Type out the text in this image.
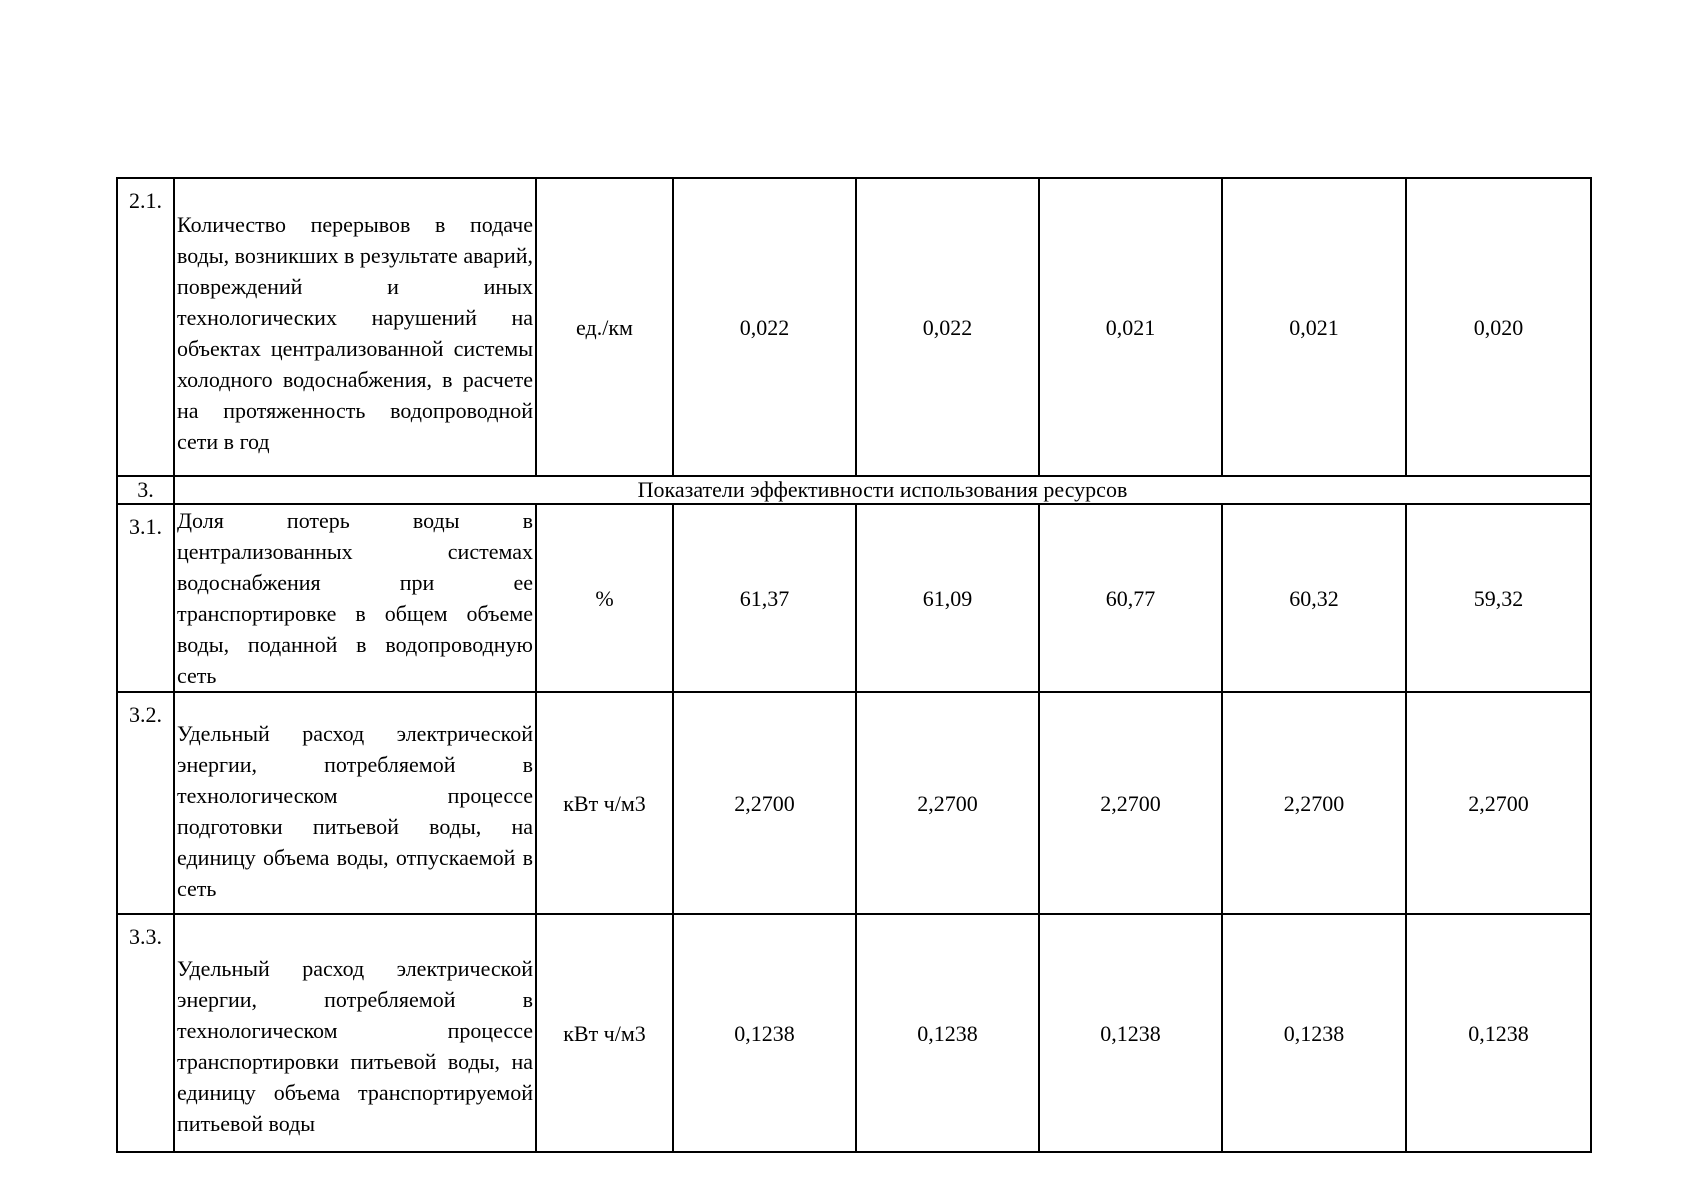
2.1.	Количество перерывов в подаче воды, возникших в результате аварий, повреждений и иных технологических нарушений на объектах централизованной системы холодного водоснабжения, в расчете на протяженность водопроводной сети в год	ед./км	0,022	0,022	0,021	0,021	0,020
3.	Показатели эффективности использования ресурсов						
3.1.	Доля потерь воды в централизованных системах водоснабжения при ее транспортировке в общем объеме воды, поданной в водопроводную сеть	%	61,37	61,09	60,77	60,32	59,32
3.2.	Удельный расход электрической энергии, потребляемой в технологическом процессе подготовки питьевой воды, на единицу объема воды, отпускаемой в сеть	кВт ч/м3	2,2700	2,2700	2,2700	2,2700	2,2700
3.3.	Удельный расход электрической энергии, потребляемой в технологическом процессе транспортировки питьевой воды, на единицу объема транспортируемой питьевой воды	кВт ч/м3	0,1238	0,1238	0,1238	0,1238	0,1238
